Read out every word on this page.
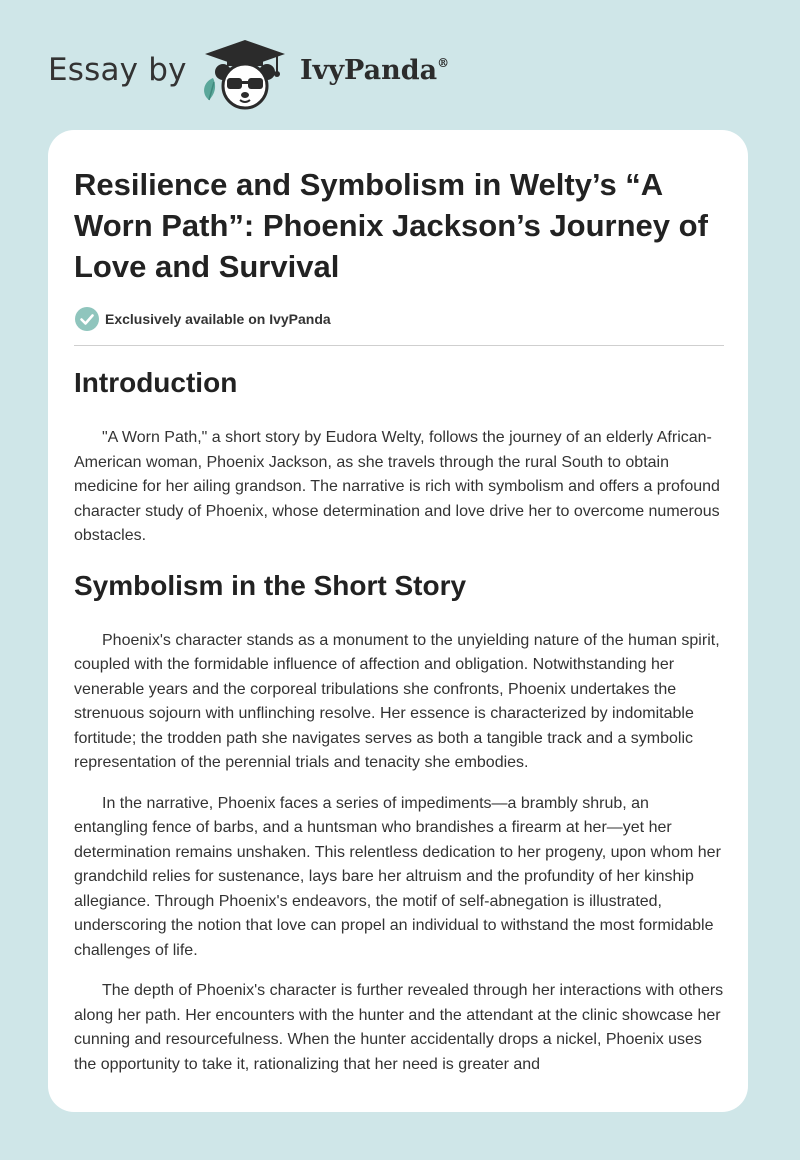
Essay by	IvyPanda®
Resilience and Symbolism in Welty’s “A Worn Path”: Phoenix Jackson’s Journey of Love and Survival
Exclusively available on IvyPanda
Introduction

"A Worn Path," a short story by Eudora Welty, follows the journey of an elderly African-American woman, Phoenix Jackson, as she travels through the rural South to obtain medicine for her ailing grandson. The narrative is rich with symbolism and offers a profound character study of Phoenix, whose determination and love drive her to overcome numerous obstacles.

Symbolism in the Short Story

Phoenix's character stands as a monument to the unyielding nature of the human spirit, coupled with the formidable influence of affection and obligation. Notwithstanding her venerable years and the corporeal tribulations she confronts, Phoenix undertakes the strenuous sojourn with unflinching resolve. Her essence is characterized by indomitable fortitude; the trodden path she navigates serves as both a tangible track and a symbolic representation of the perennial trials and tenacity she embodies.

In the narrative, Phoenix faces a series of impediments—a brambly shrub, an entangling fence of barbs, and a huntsman who brandishes a firearm at her—yet her determination remains unshaken. This relentless dedication to her progeny, upon whom her grandchild relies for sustenance, lays bare her altruism and the profundity of her kinship allegiance. Through Phoenix's endeavors, the motif of self-abnegation is illustrated, underscoring the notion that love can propel an individual to withstand the most formidable challenges of life.

The depth of Phoenix's character is further revealed through her interactions with others along her path. Her encounters with the hunter and the attendant at the clinic showcase her cunning and resourcefulness. When the hunter accidentally drops a nickel, Phoenix uses the opportunity to take it, rationalizing that her need is greater and
